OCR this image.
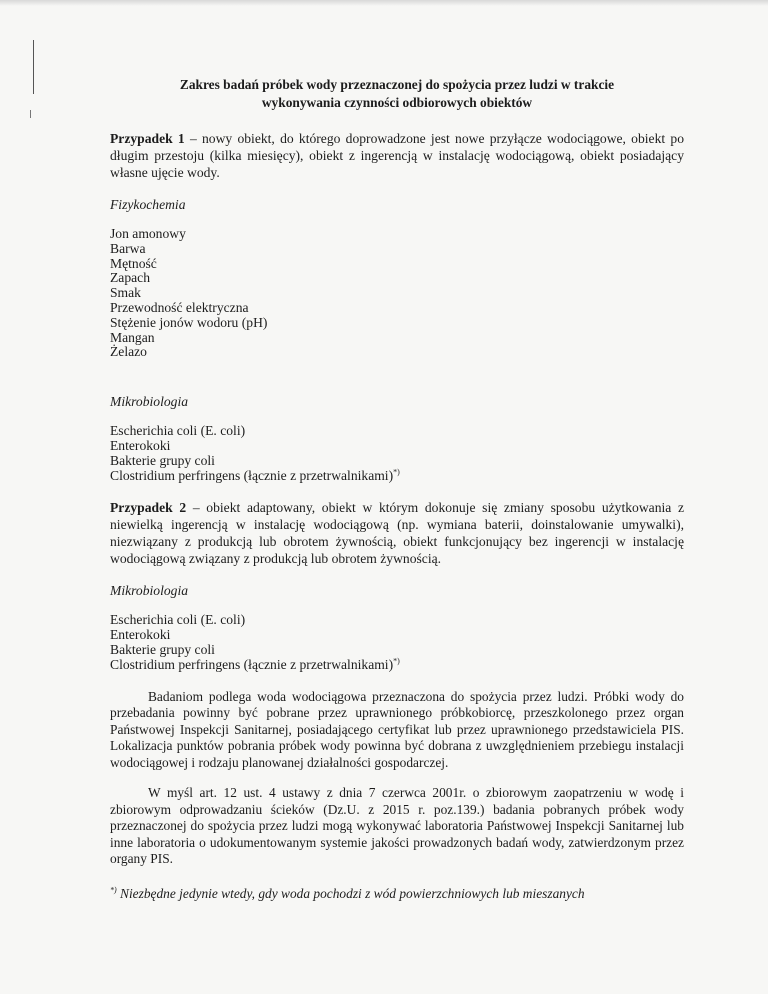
Zakres badań próbek wody przeznaczonej do spożycia przez ludzi w trakcie
wykonywania czynności odbiorowych obiektów
Przypadek 1 – nowy obiekt, do którego doprowadzone jest nowe przyłącze wodociągowe, obiekt po długim przestoju (kilka miesięcy), obiekt z ingerencją w instalację wodociągową, obiekt posiadający własne ujęcie wody.
Fizykochemia
Jon amonowy
Barwa
Mętność
Zapach
Smak
Przewodność elektryczna
Stężenie jonów wodoru (pH)
Mangan
Żelazo
Mikrobiologia
Escherichia coli (E. coli)
Enterokoki
Bakterie grupy coli
Clostridium perfringens (łącznie z przetrwalnikami)*)
Przypadek 2 – obiekt adaptowany, obiekt w którym dokonuje się zmiany sposobu użytkowania z niewielką ingerencją w instalację wodociągową (np. wymiana baterii, doinstalowanie umywalki), niezwiązany z produkcją lub obrotem żywnością, obiekt funkcjonujący bez ingerencji w instalację wodociągową związany z produkcją lub obrotem żywnością.
Mikrobiologia
Escherichia coli (E. coli)
Enterokoki
Bakterie grupy coli
Clostridium perfringens (łącznie z przetrwalnikami)*)
Badaniom podlega woda wodociągowa przeznaczona do spożycia przez ludzi. Próbki wody do przebadania powinny być pobrane przez uprawnionego próbkobiorcę, przeszkolonego przez organ Państwowej Inspekcji Sanitarnej, posiadającego certyfikat lub przez uprawnionego przedstawiciela PIS. Lokalizacja punktów pobrania próbek wody powinna być dobrana z uwzględnieniem przebiegu instalacji wodociągowej i rodzaju planowanej działalności gospodarczej.
W myśl art. 12 ust. 4 ustawy z dnia 7 czerwca 2001r. o zbiorowym zaopatrzeniu w wodę i zbiorowym odprowadzaniu ścieków (Dz.U. z 2015 r. poz.139.) badania pobranych próbek wody przeznaczonej do spożycia przez ludzi mogą wykonywać laboratoria Państwowej Inspekcji Sanitarnej lub inne laboratoria o udokumentowanym systemie jakości prowadzonych badań wody, zatwierdzonym przez organy PIS.
*) Niezbędne jedynie wtedy, gdy woda pochodzi z wód powierzchniowych lub mieszanych
